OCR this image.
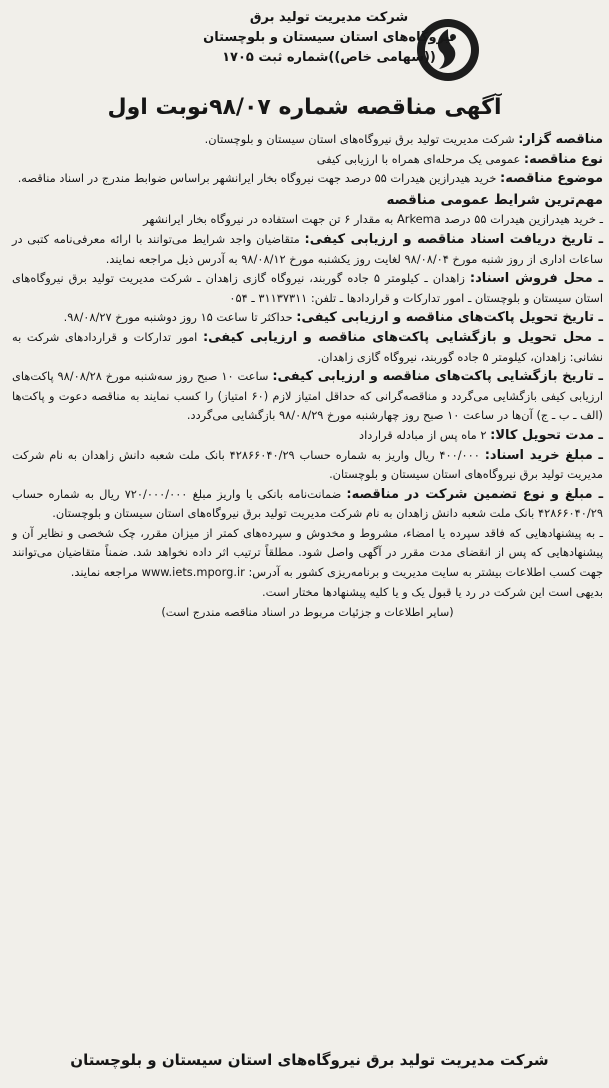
شرکت مدیریت تولید برق
نیروگاه‌های استان سیستان و بلوچستان
((سهامی خاص))شماره ثبت ۱۷۰۵
آگهی مناقصه شماره ۹۸/۰۷نوبت اول

مناقصه گزار: شرکت مدیریت تولید برق نیروگاه‌های استان سیستان و بلوچستان.

نوع مناقصه: عمومی یک مرحله‌ای همراه با ارزیابی کیفی

موضوع مناقصه: خرید هیدرازین هیدرات ۵۵ درصد جهت نیروگاه بخار ایرانشهر براساس ضوابط مندرج در اسناد مناقصه.

مهم‌ترین شرایط عمومی مناقصه

ـ خرید هیدرازین هیدرات ۵۵ درصد Arkema به مقدار ۶ تن جهت استفاده در نیروگاه بخار ایرانشهر

ـ تاریخ دریافت اسناد مناقصه و ارزیابی کیفی: متقاضیان واجد شرایط می‌توانند با ارائه معرفی‌نامه کتبی در ساعات اداری از روز شنبه مورخ ۹۸/۰۸/۰۴ لغایت روز یکشنبه مورخ ۹۸/۰۸/۱۲ به آدرس ذیل مراجعه نمایند.

ـ محل فروش اسناد: زاهدان ـ کیلومتر ۵ جاده گوربند، نیروگاه گازی زاهدان ـ شرکت مدیریت تولید برق نیروگاه‌های استان سیستان و بلوچستان ـ امور تدارکات و قراردادها ـ تلفن: ۳۱۱۳۷۳۱۱ ـ ۰۵۴

ـ تاریخ تحویل پاکت‌های مناقصه و ارزیابی کیفی: حداکثر تا ساعت ۱۵ روز دوشنبه مورخ ۹۸/۰۸/۲۷.

ـ محل تحویل و بازگشایی پاکت‌های مناقصه و ارزیابی کیفی: امور تدارکات و قراردادهای شرکت به نشانی: زاهدان، کیلومتر ۵ جاده گوربند، نیروگاه گازی زاهدان.

ـ تاریخ بازگشایی پاکت‌های مناقصه و ارزیابی کیفی: ساعت ۱۰ صبح روز سه‌شنبه مورخ ۹۸/۰۸/۲۸ پاکت‌های ارزیابی کیفی بازگشایی می‌گردد و مناقصه‌گرانی که حداقل امتیاز لازم (۶۰ امتیاز) را کسب نمایند به مناقصه دعوت و پاکت‌ها (الف ـ ب ـ ج) آن‌ها در ساعت ۱۰ صبح روز چهارشنبه مورخ ۹۸/۰۸/۲۹ بازگشایی می‌گردد.

ـ مدت تحویل کالا: ۲ ماه پس از مبادله قرارداد

ـ مبلغ خرید اسناد: ۴۰۰/۰۰۰ ریال واریز به شماره حساب ۴۲۸۶۶۰۴۰/۲۹ بانک ملت شعبه دانش زاهدان به نام شرکت مدیریت تولید برق نیروگاه‌های استان سیستان و بلوچستان.

ـ مبلغ و نوع تضمین شرکت در مناقصه: ضمانت‌نامه بانکی یا واریز مبلغ ۷۲۰/۰۰۰/۰۰۰ ریال به شماره حساب ۴۲۸۶۶۰۴۰/۲۹ بانک ملت شعبه دانش زاهدان به نام شرکت مدیریت تولید برق نیروگاه‌های استان سیستان و بلوچستان.

ـ به پیشنهادهایی که فاقد سپرده یا امضاء، مشروط و مخدوش و سپرده‌های کمتر از میزان مقرر، چک شخصی و نظایر آن و پیشنهادهایی که پس از انقضای مدت مقرر در آگهی واصل شود. مطلقاً ترتیب اثر داده نخواهد شد. ضمناً متقاضیان می‌توانند جهت کسب اطلاعات بیشتر به سایت مدیریت و برنامه‌ریزی کشور به آدرس: www.iets.mporg.ir مراجعه نمایند.

بدیهی است این شرکت در رد یا قبول یک و یا کلیه پیشنهادها مختار است.

(سایر اطلاعات و جزئیات مربوط در اسناد مناقصه مندرج است)

شرکت مدیریت تولید برق نیروگاه‌های استان سیستان و بلوچستان
